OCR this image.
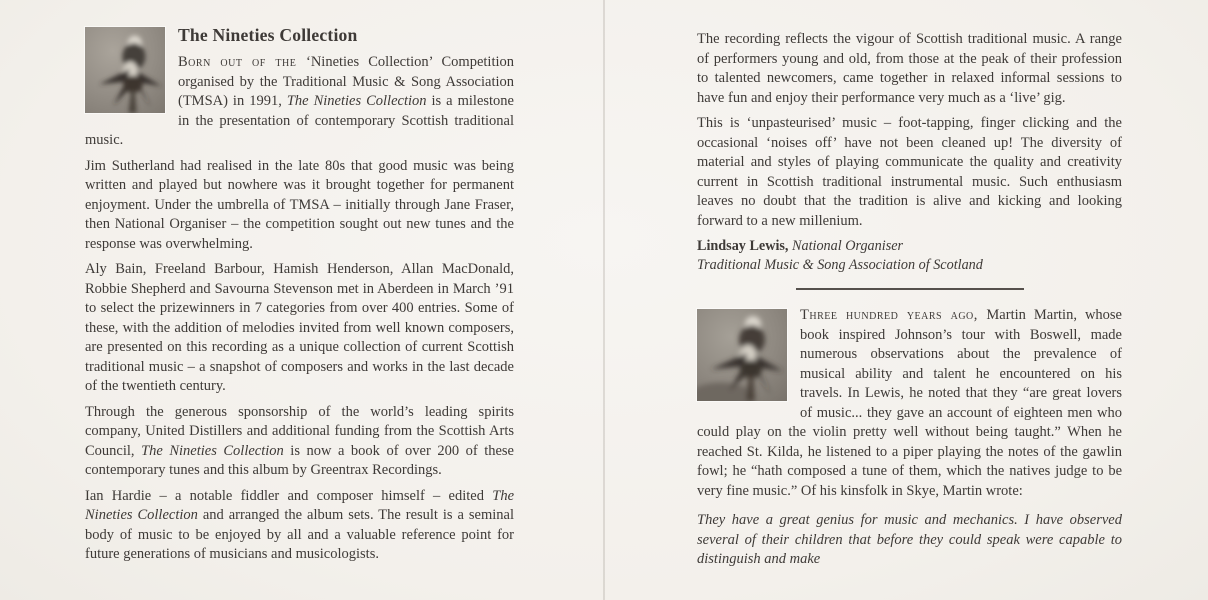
The Nineties Collection

Born out of the ‘Nineties Collection’ Competition organised by the Traditional Music & Song Association (TMSA) in 1991, The Nineties Collection is a milestone in the presentation of contemporary Scottish traditional music.

Jim Sutherland had realised in the late 80s that good music was being written and played but nowhere was it brought together for permanent enjoyment. Under the umbrella of TMSA – initially through Jane Fraser, then National Organiser – the competition sought out new tunes and the response was overwhelming.

Aly Bain, Freeland Barbour, Hamish Henderson, Allan MacDonald, Robbie Shepherd and Savourna Stevenson met in Aberdeen in March ’91 to select the prizewinners in 7 categories from over 400 entries. Some of these, with the addition of melodies invited from well known composers, are presented on this recording as a unique collection of current Scottish traditional music – a snapshot of composers and works in the last decade of the twentieth century.

Through the generous sponsorship of the world’s leading spirits company, United Distillers and additional funding from the Scottish Arts Council, The Nineties Collection is now a book of over 200 of these contemporary tunes and this album by Greentrax Recordings.

Ian Hardie – a notable fiddler and composer himself – edited The Nineties Collection and arranged the album sets. The result is a seminal body of music to be enjoyed by all and a valuable reference point for future generations of musicians and musicologists.

The recording reflects the vigour of Scottish traditional music. A range of performers young and old, from those at the peak of their profession to talented newcomers, came together in relaxed informal sessions to have fun and enjoy their performance very much as a ‘live’ gig.

This is ‘unpasteurised’ music – foot-tapping, finger clicking and the occasional ‘noises off’ have not been cleaned up! The diversity of material and styles of playing communicate the quality and creativity current in Scottish traditional instrumental music. Such enthusiasm leaves no doubt that the tradition is alive and kicking and looking forward to a new millenium.

Lindsay Lewis, National Organiser

Traditional Music & Song Association of Scotland

Three hundred years ago, Martin Martin, whose book inspired Johnson’s tour with Boswell, made numerous observations about the prevalence of musical ability and talent he encountered on his travels. In Lewis, he noted that they “are great lovers of music... they gave an account of eighteen men who could play on the violin pretty well without being taught.” When he reached St. Kilda, he listened to a piper playing the notes of the gawlin fowl; he “hath composed a tune of them, which the natives judge to be very fine music.” Of his kinsfolk in Skye, Martin wrote:

They have a great genius for music and mechanics. I have observed several of their children that before they could speak were capable to distinguish and make
